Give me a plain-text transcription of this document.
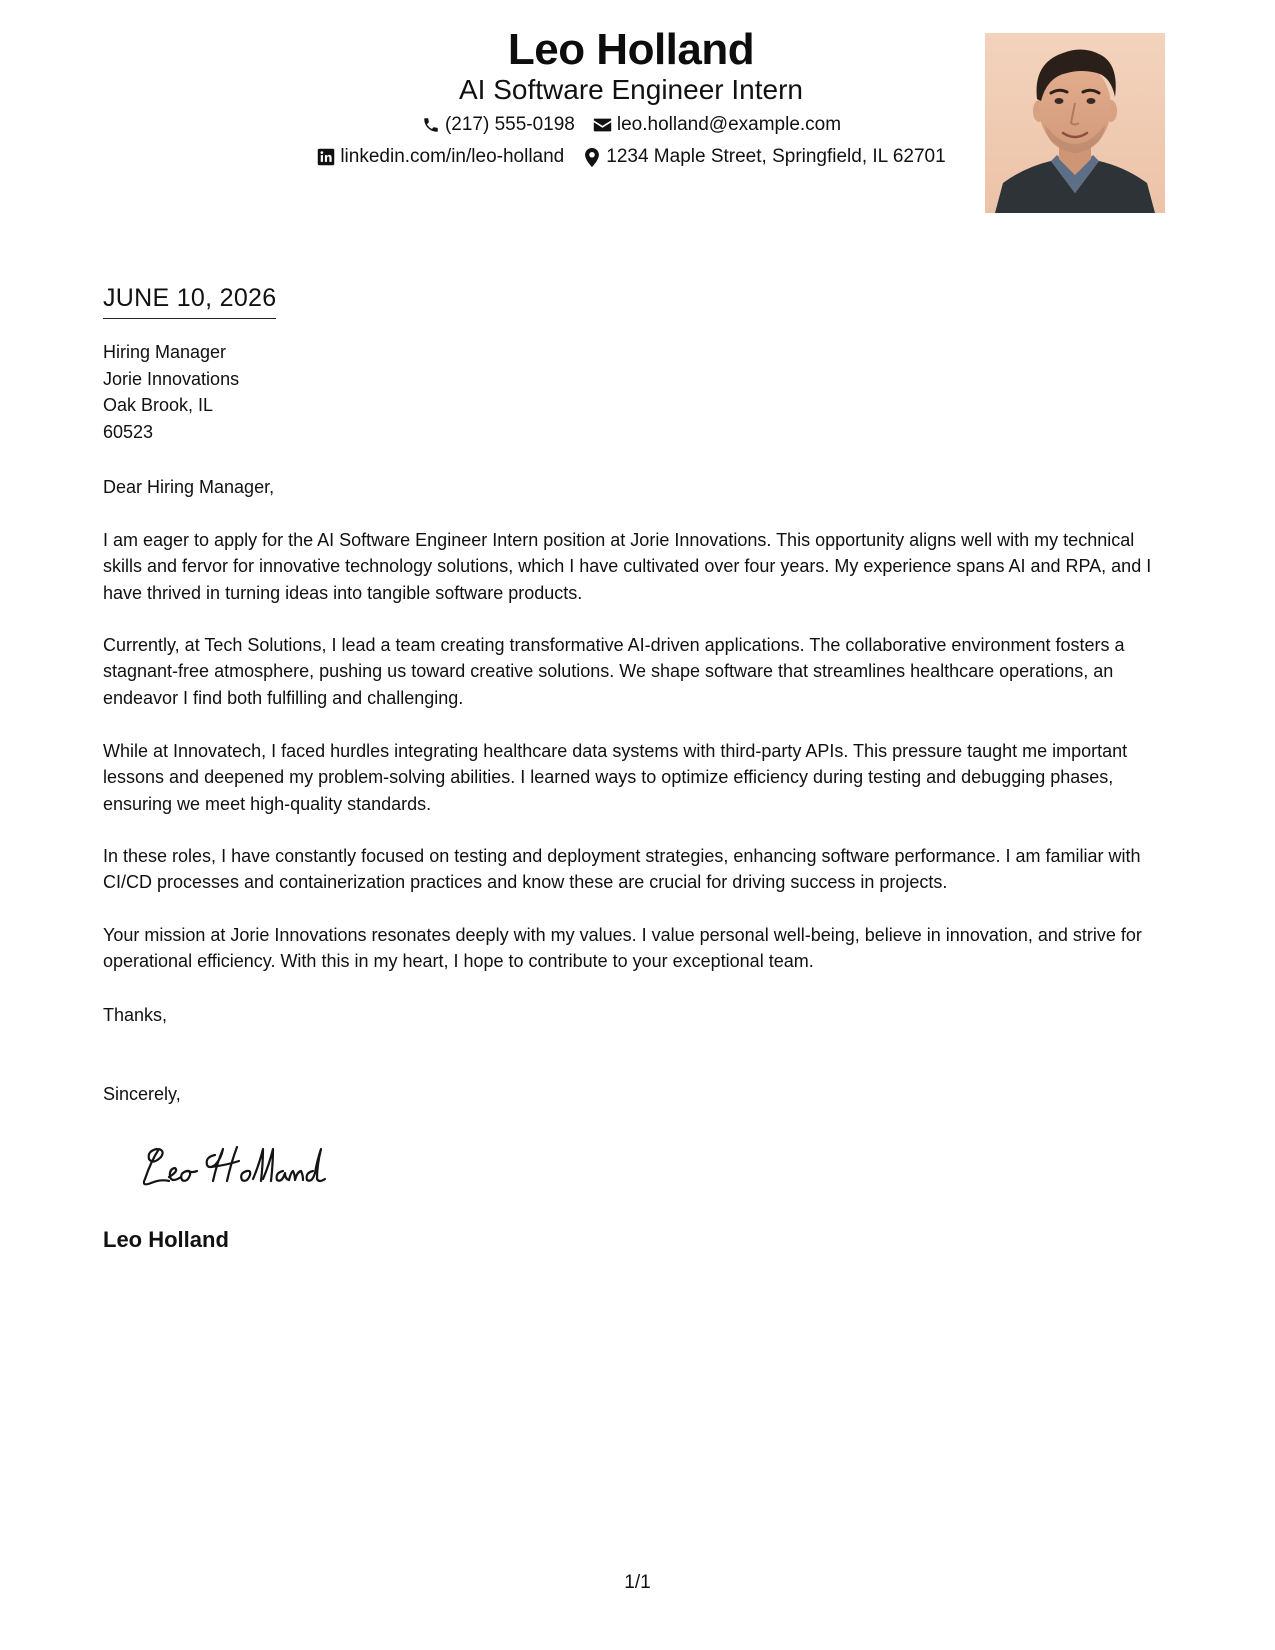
Leo Holland
AI Software Engineer Intern
(217) 555-0198 leo.holland@example.com
linkedin.com/in/leo-holland 1234 Maple Street, Springfield, IL 62701
JUNE 10, 2026
Hiring Manager
Jorie Innovations
Oak Brook, IL
60523
Dear Hiring Manager,
I am eager to apply for the AI Software Engineer Intern position at Jorie Innovations. This opportunity aligns well with my technical skills and fervor for innovative technology solutions, which I have cultivated over four years. My experience spans AI and RPA, and I have thrived in turning ideas into tangible software products.
Currently, at Tech Solutions, I lead a team creating transformative AI-driven applications. The collaborative environment fosters a stagnant-free atmosphere, pushing us toward creative solutions. We shape software that streamlines healthcare operations, an endeavor I find both fulfilling and challenging.
While at Innovatech, I faced hurdles integrating healthcare data systems with third-party APIs. This pressure taught me important lessons and deepened my problem-solving abilities. I learned ways to optimize efficiency during testing and debugging phases, ensuring we meet high-quality standards.
In these roles, I have constantly focused on testing and deployment strategies, enhancing software performance. I am familiar with CI/CD processes and containerization practices and know these are crucial for driving success in projects.
Your mission at Jorie Innovations resonates deeply with my values. I value personal well-being, believe in innovation, and strive for operational efficiency. With this in my heart, I hope to contribute to your exceptional team.
Thanks,
Sincerely,
Leo Holland
1/1
